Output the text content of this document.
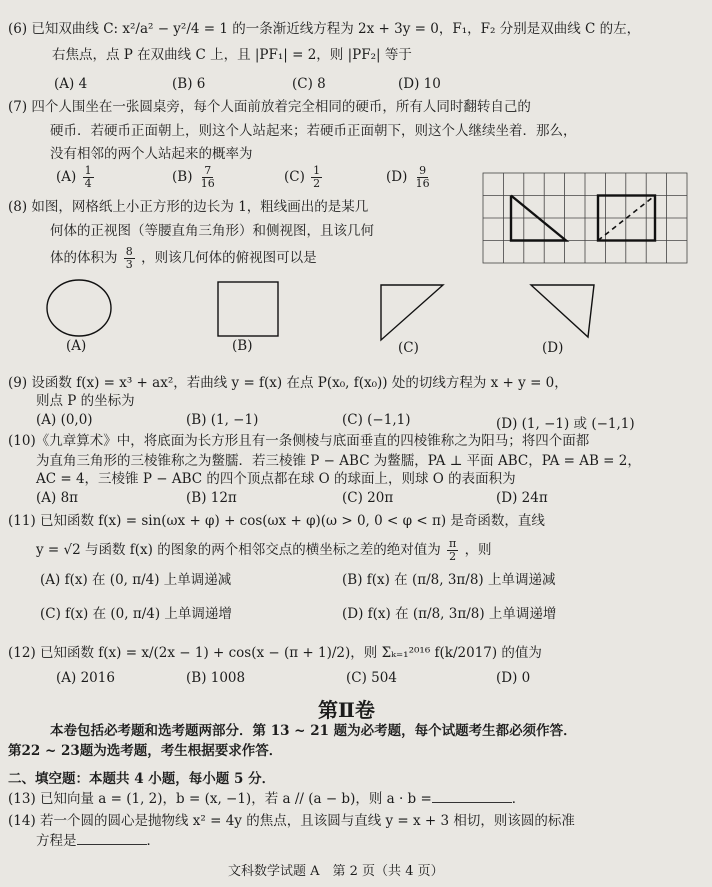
(6) 已知双曲线 C: x²/a² − y²/4 = 1 的一条渐近线方程为 2x + 3y = 0，F₁，F₂ 分别是双曲线 C 的左，
右焦点，点 P 在双曲线 C 上，且 |PF₁| = 2，则 |PF₂| 等于
(A) 4	(B) 6	(C) 8	(D) 10
(7) 四个人围坐在一张圆桌旁，每个人面前放着完全相同的硬币，所有人同时翻转自己的
硬币．若硬币正面朝上，则这个人站起来；若硬币正面朝下，则这个人继续坐着．那么，
没有相邻的两个人站起来的概率为
$(A) \frac{1}{4}$	$(B) \frac{7}{16}$	$(C) \frac{1}{2}$	$(D) \frac{9}{16}$
(8) 如图，网格纸上小正方形的边长为 1，粗线画出的是某几
何体的正视图（等腰直角三角形）和侧视图，且该几何
体的体积为 $\frac{8}{3}$ ，则该几何体的俯视图可以是
(A)	(B)	(C)	(D)
(9) 设函数 f(x) = x³ + ax²，若曲线 y = f(x) 在点 P(x₀, f(x₀)) 处的切线方程为 x + y = 0，
则点 P 的坐标为
(A) (0,0)	(B) (1, −1)	(C) (−1,1)	(D) (1, −1) 或 (−1,1)
(10)《九章算术》中，将底面为长方形且有一条侧棱与底面垂直的四棱锥称之为阳马；将四个面都
为直角三角形的三棱锥称之为鳖臑．若三棱锥 P − ABC 为鳖臑，PA ⊥ 平面 ABC，PA = AB = 2，
AC = 4，三棱锥 P − ABC 的四个顶点都在球 O 的球面上，则球 O 的表面积为
(A) 8π	(B) 12π	(C) 20π	(D) 24π
(11) 已知函数 f(x) = sin(ωx + φ) + cos(ωx + φ)(ω > 0, 0 < φ < π) 是奇函数，直线
y = √2 与函数 f(x) 的图象的两个相邻交点的横坐标之差的绝对值为 $\frac{\pi}{2}$ ，则
(A) f(x) 在 (0, π/4) 上单调递减	(B) f(x) 在 (π/8, 3π/8) 上单调递减
(C) f(x) 在 (0, π/4) 上单调递增	(D) f(x) 在 (π/8, 3π/8) 上单调递增
(12) 已知函数 f(x) = x/(2x − 1) + cos(x − (π + 1)/2)，则 Σₖ₌₁²⁰¹⁶ f(k/2017) 的值为
(A) 2016	(B) 1008	(C) 504	(D) 0
第Ⅱ卷
本卷包括必考题和选考题两部分．第 13 ~ 21 题为必考题，每个试题考生都必须作答．
第22 ~ 23题为选考题，考生根据要求作答．
二、填空题：本题共 4 小题，每小题 5 分．
(13) 已知向量 a = (1, 2)，b = (x, −1)，若 a // (a − b)，则 a · b =	．
(14) 若一个圆的圆心是抛物线 x² = 4y 的焦点，且该圆与直线 y = x + 3 相切，则该圆的标准
方程是	．
文科数学试题 A　第 2 页（共 4 页）
